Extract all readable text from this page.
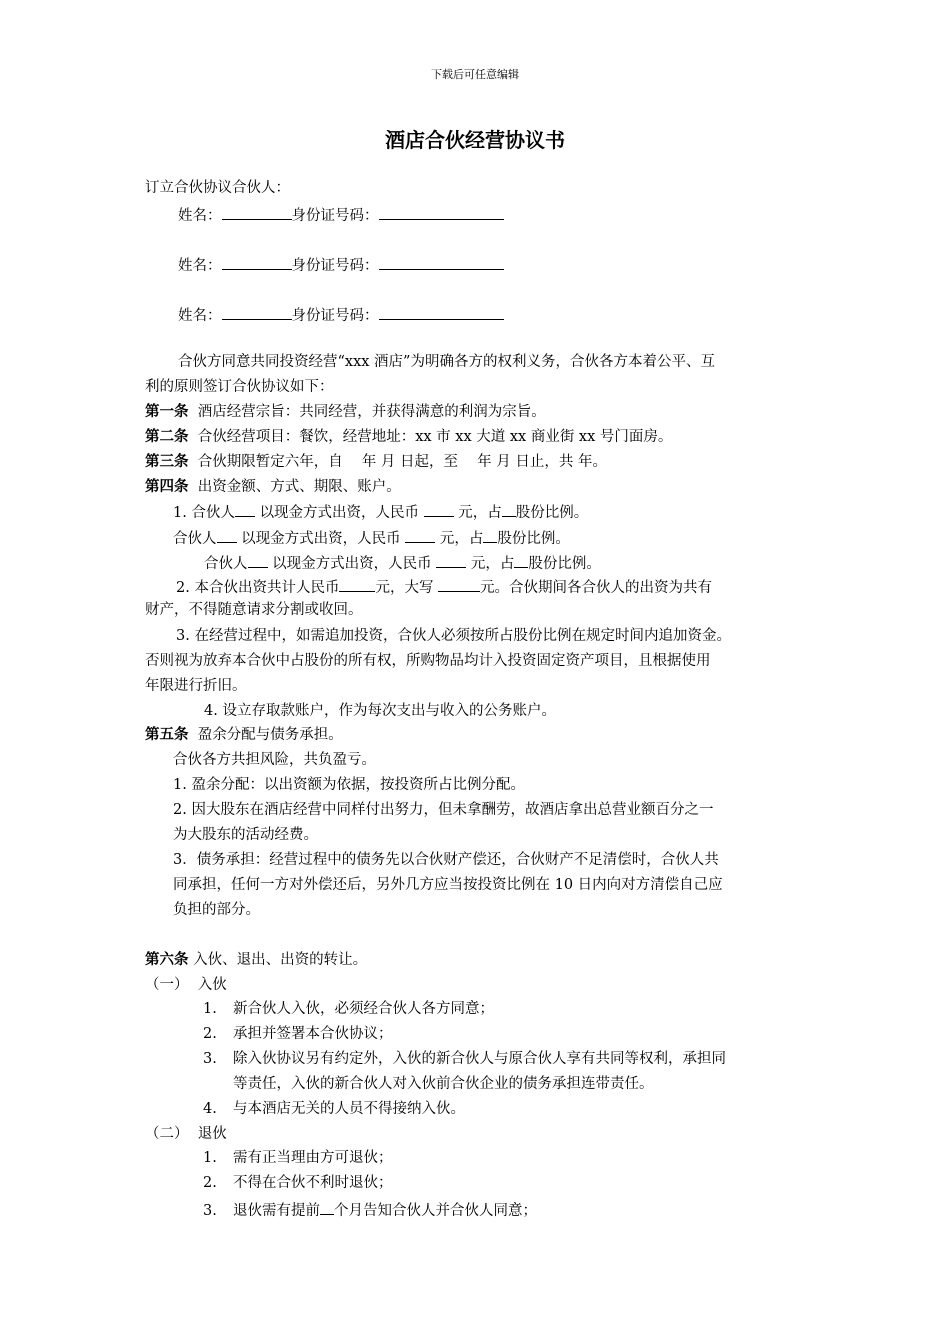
下载后可任意编辑
酒店合伙经营协议书
订立合伙协议合伙人：
姓名：	身份证号码：
姓名：	身份证号码：
姓名：	身份证号码：
合伙方同意共同投资经营“xxx 酒店”为明确各方的权利义务，合伙各方本着公平、互
利的原则签订合伙协议如下：
第一条 酒店经营宗旨：共同经营，并获得满意的利润为宗旨。
第二条 合伙经营项目：餐饮，经营地址：xx 市 xx 大道 xx 商业街 xx 号门面房。
第三条 合伙期限暂定六年，自　 年 月 日起，至　 年 月 日止，共 年。
第四条 出资金额、方式、期限、账户。
1. 合伙人 以现金方式出资，人民币	元，占 股份比例。
合伙人 以现金方式出资，人民币	元，占 股份比例。
合伙人 以现金方式出资，人民币	元，占 股份比例。
2. 本合伙出资共计人民币 元，大写	元。合伙期间各合伙人的出资为共有
财产，不得随意请求分割或收回。
3. 在经营过程中，如需追加投资，合伙人必须按所占股份比例在规定时间内追加资金。
否则视为放弃本合伙中占股份的所有权，所购物品均计入投资固定资产项目，且根据使用
年限进行折旧。
4. 设立存取款账户，作为每次支出与收入的公务账户。
第五条 盈余分配与债务承担。
合伙各方共担风险，共负盈亏。
1. 盈余分配：以出资额为依据，按投资所占比例分配。
2. 因大股东在酒店经营中同样付出努力，但未拿酬劳，故酒店拿出总营业额百分之一
为大股东的活动经费。
3．债务承担：经营过程中的债务先以合伙财产偿还，合伙财产不足清偿时，合伙人共
同承担，任何一方对外偿还后，另外几方应当按投资比例在 10 日内向对方清偿自己应
负担的部分。
第六条 入伙、退出、出资的转让。
（一） 入伙
1. 新合伙人入伙，必须经合伙人各方同意；
2. 承担并签署本合伙协议；
3. 除入伙协议另有约定外，入伙的新合伙人与原合伙人享有共同等权利，承担同
等责任，入伙的新合伙人对入伙前合伙企业的债务承担连带责任。
4. 与本酒店无关的人员不得接纳入伙。
（二） 退伙
1. 需有正当理由方可退伙；
2. 不得在合伙不利时退伙；
3. 退伙需有提前 个月告知合伙人并合伙人同意；
